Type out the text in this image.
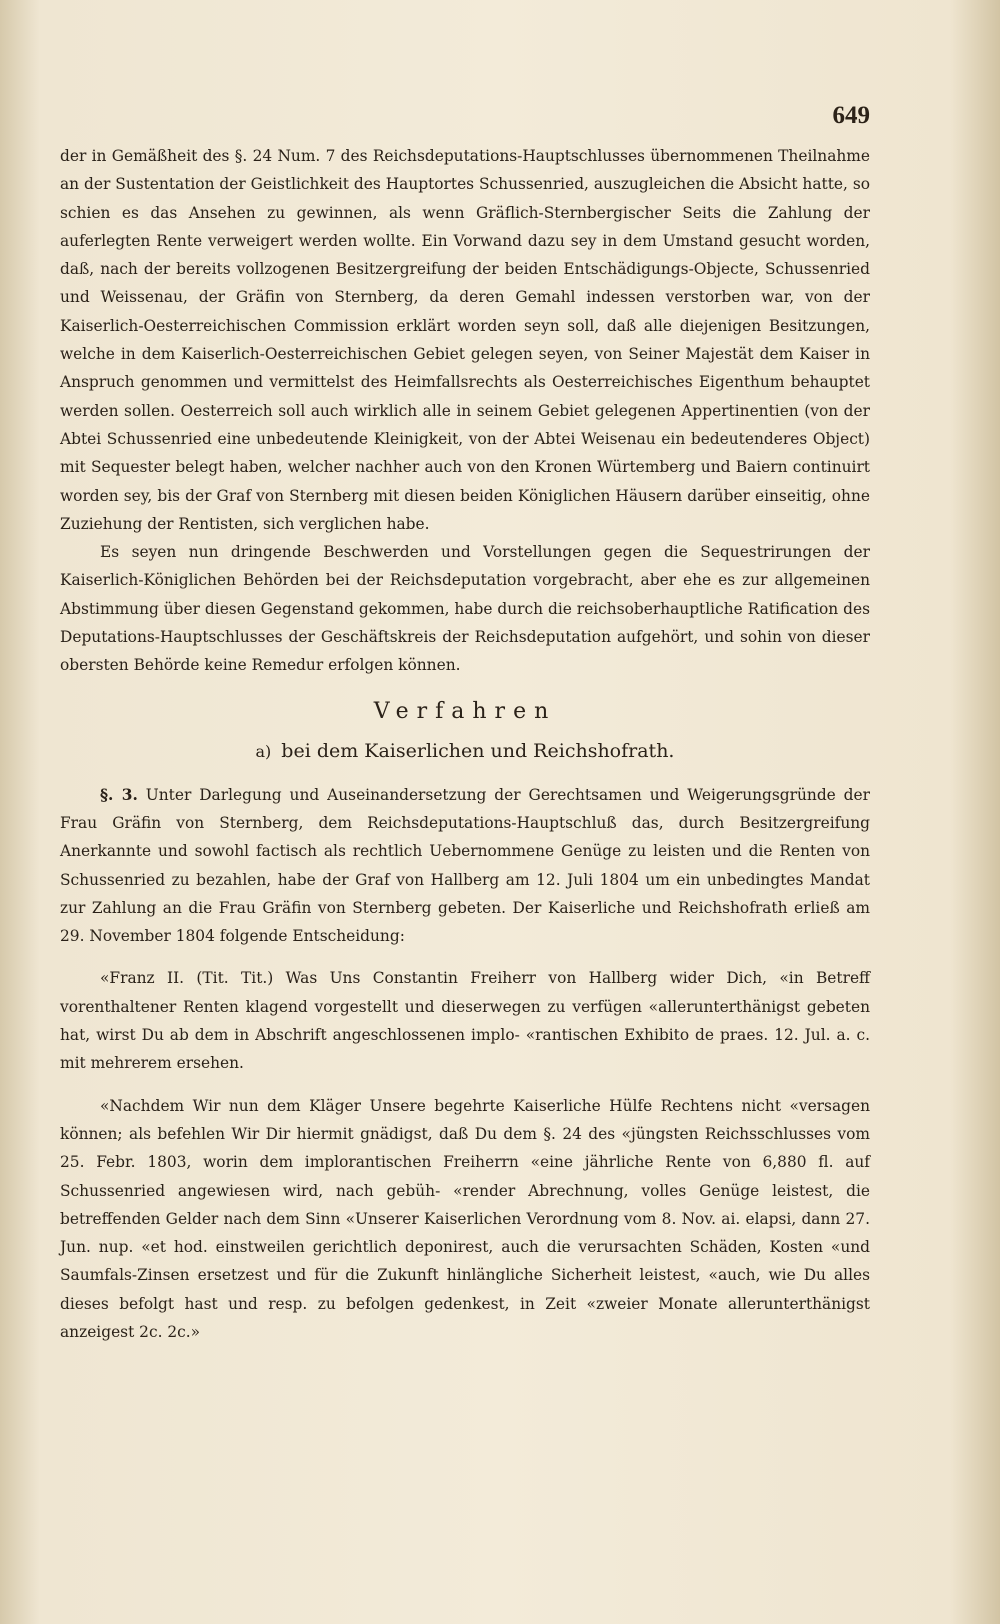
649

der in Gemäßheit des §. 24 Num. 7 des Reichsdeputations-Hauptschlusses übernommenen Theilnahme an der Sustentation der Geistlichkeit des Hauptortes Schussenried, auszugleichen die Absicht hatte, so schien es das Ansehen zu gewinnen, als wenn Gräflich-Sternbergischer Seits die Zahlung der auferlegten Rente verweigert werden wollte. Ein Vorwand dazu sey in dem Umstand gesucht worden, daß, nach der bereits vollzogenen Besitzergreifung der beiden Entschädigungs-Objecte, Schussenried und Weissenau, der Gräfin von Sternberg, da deren Gemahl indessen verstorben war, von der Kaiserlich-Oesterreichischen Commission erklärt worden seyn soll, daß alle diejenigen Besitzungen, welche in dem Kaiserlich-Oesterreichischen Gebiet gelegen seyen, von Seiner Majestät dem Kaiser in Anspruch genommen und vermittelst des Heimfallsrechts als Oesterreichisches Eigenthum behauptet werden sollen. Oesterreich soll auch wirklich alle in seinem Gebiet gelegenen Appertinentien (von der Abtei Schussenried eine unbedeutende Kleinigkeit, von der Abtei Weisenau ein bedeutenderes Object) mit Sequester belegt haben, welcher nachher auch von den Kronen Würtemberg und Baiern continuirt worden sey, bis der Graf von Sternberg mit diesen beiden Königlichen Häusern darüber einseitig, ohne Zuziehung der Rentisten, sich verglichen habe.

Es seyen nun dringende Beschwerden und Vorstellungen gegen die Sequestrirungen der Kaiserlich-Königlichen Behörden bei der Reichsdeputation vorgebracht, aber ehe es zur allgemeinen Abstimmung über diesen Gegenstand gekommen, habe durch die reichsoberhauptliche Ratification des Deputations-Hauptschlusses der Geschäftskreis der Reichsdeputation aufgehört, und sohin von dieser obersten Behörde keine Remedur erfolgen können.

Verfahren
a) bei dem Kaiserlichen und Reichshofrath.

§. 3. Unter Darlegung und Auseinandersetzung der Gerechtsamen und Weigerungsgründe der Frau Gräfin von Sternberg, dem Reichsdeputations-Hauptschluß das, durch Besitzergreifung Anerkannte und sowohl factisch als rechtlich Uebernommene Genüge zu leisten und die Renten von Schussenried zu bezahlen, habe der Graf von Hallberg am 12. Juli 1804 um ein unbedingtes Mandat zur Zahlung an die Frau Gräfin von Sternberg gebeten. Der Kaiserliche und Reichshofrath erließ am 29. November 1804 folgende Entscheidung:

«Franz II. (Tit. Tit.) Was Uns Constantin Freiherr von Hallberg wider Dich, «in Betreff vorenthaltener Renten klagend vorgestellt und dieserwegen zu verfügen «allerunterthänigst gebeten hat, wirst Du ab dem in Abschrift angeschlossenen implo- «rantischen Exhibito de praes. 12. Jul. a. c. mit mehrerem ersehen.

«Nachdem Wir nun dem Kläger Unsere begehrte Kaiserliche Hülfe Rechtens nicht «versagen können; als befehlen Wir Dir hiermit gnädigst, daß Du dem §. 24 des «jüngsten Reichsschlusses vom 25. Febr. 1803, worin dem implorantischen Freiherrn «eine jährliche Rente von 6,880 fl. auf Schussenried angewiesen wird, nach gebüh- «render Abrechnung, volles Genüge leistest, die betreffenden Gelder nach dem Sinn «Unserer Kaiserlichen Verordnung vom 8. Nov. ai. elapsi, dann 27. Jun. nup. «et hod. einstweilen gerichtlich deponirest, auch die verursachten Schäden, Kosten «und Saumfals-Zinsen ersetzest und für die Zukunft hinlängliche Sicherheit leistest, «auch, wie Du alles dieses befolgt hast und resp. zu befolgen gedenkest, in Zeit «zweier Monate allerunterthänigst anzeigest 2c. 2c.»
